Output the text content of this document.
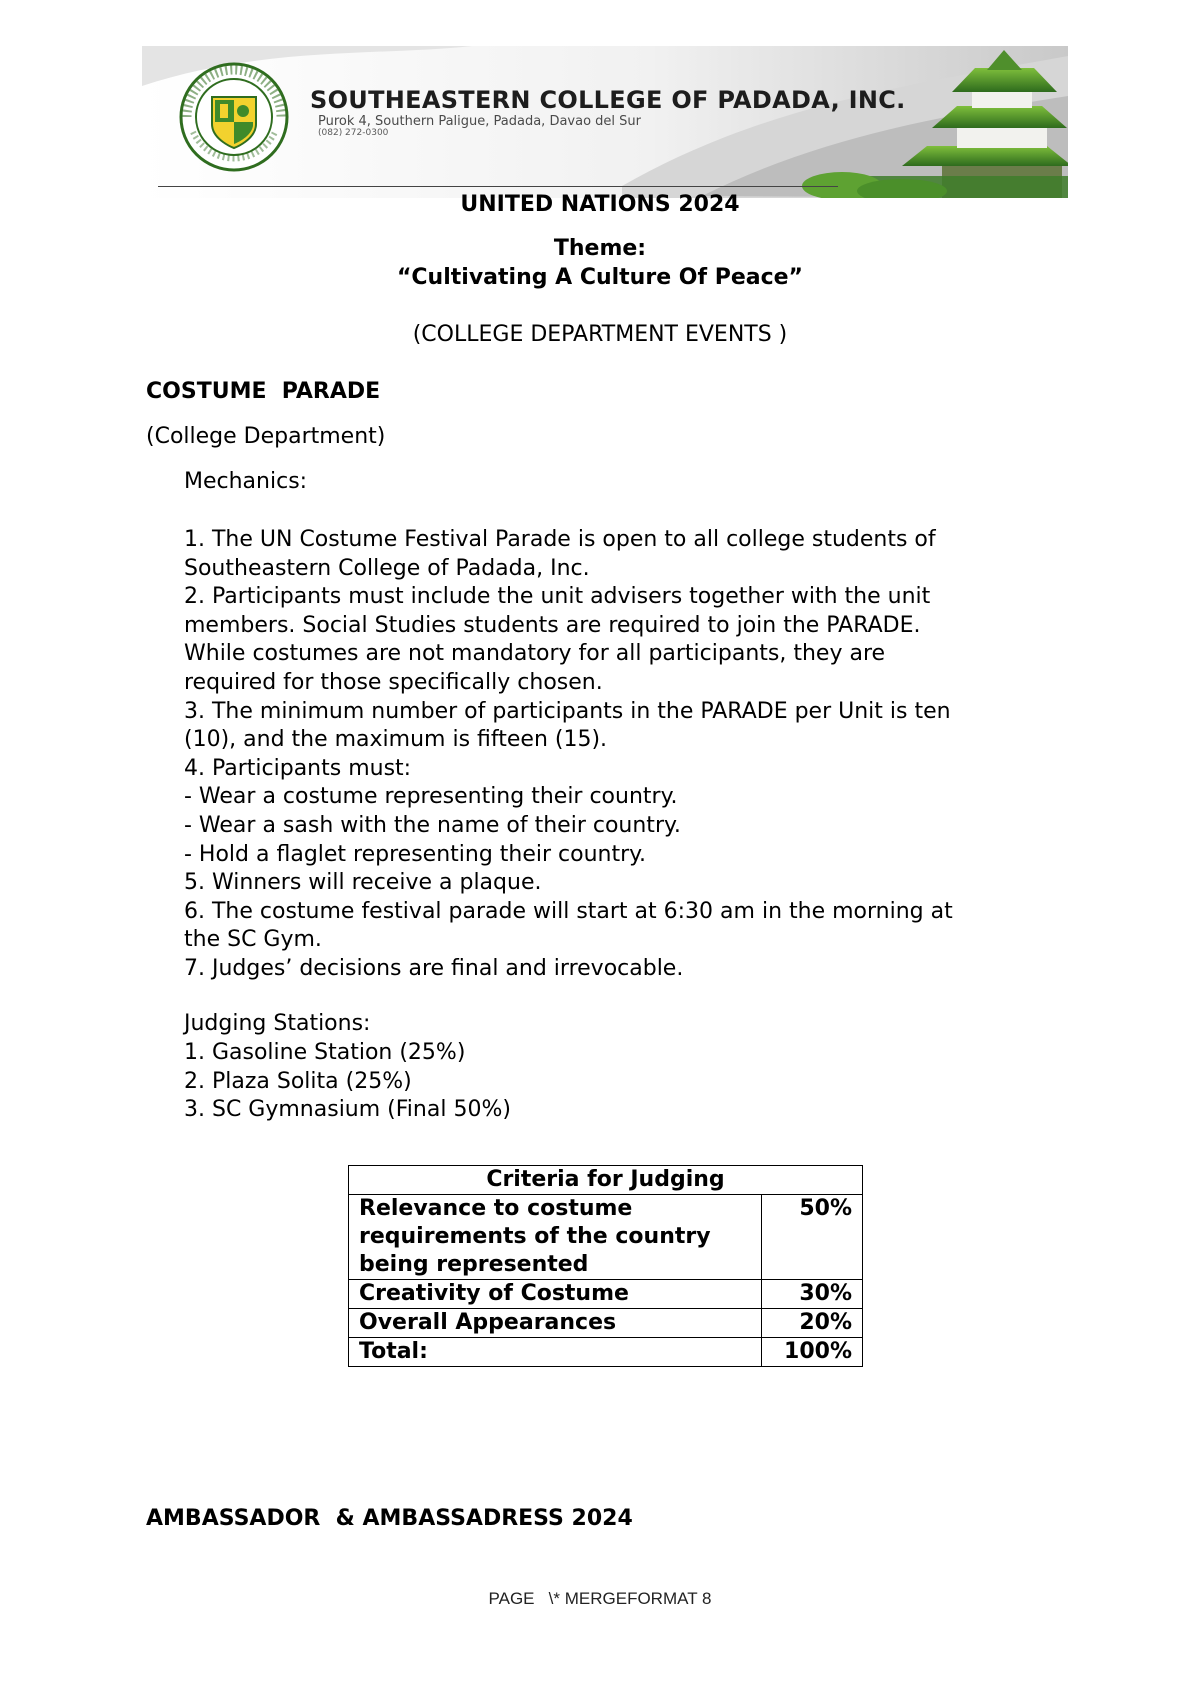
SOUTHEASTERN COLLEGE OF PADADA, INC.
Purok 4, Southern Paligue, Padada, Davao del Sur
(082) 272-0300
UNITED NATIONS 2024
Theme:
“Cultivating A Culture Of Peace”
(COLLEGE DEPARTMENT EVENTS )
COSTUME  PARADE
(College Department)
Mechanics:
1. The UN Costume Festival Parade is open to all college students of
Southeastern College of Padada, Inc.
2. Participants must include the unit advisers together with the unit
members. Social Studies students are required to join the PARADE.
While costumes are not mandatory for all participants, they are
required for those specifically chosen.
3. The minimum number of participants in the PARADE per Unit is ten
(10), and the maximum is fifteen (15).
4. Participants must:
- Wear a costume representing their country.
- Wear a sash with the name of their country.
- Hold a flaglet representing their country.
5. Winners will receive a plaque.
6. The costume festival parade will start at 6:30 am in the morning at
the SC Gym.
7. Judges’ decisions are final and irrevocable.
Judging Stations:
1. Gasoline Station (25%)
2. Plaza Solita (25%)
3. SC Gymnasium (Final 50%)
Criteria for Judging	
Relevance to costume requirements of the country being represented	50%
Creativity of Costume	30%
Overall Appearances	20%
Total:	100%
AMBASSADOR  & AMBASSADRESS 2024
PAGE   \* MERGEFORMAT 8
